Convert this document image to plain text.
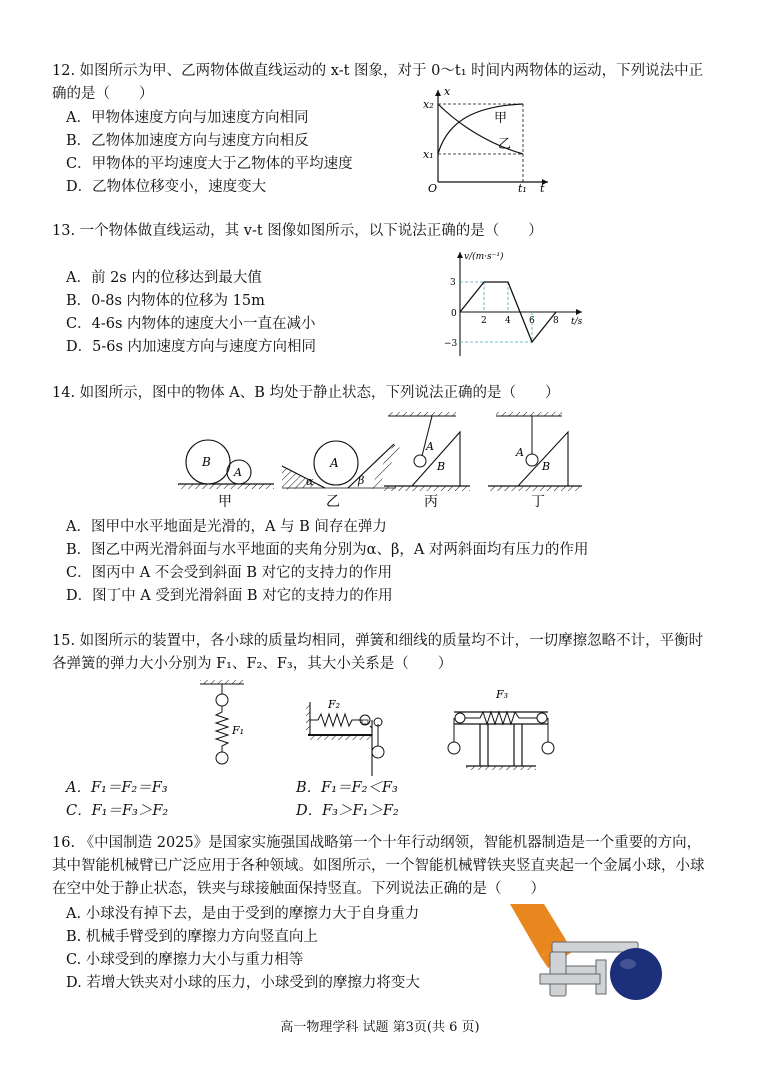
12. 如图所示为甲、乙两物体做直线运动的 x-t 图象，对于 0～t₁ 时间内两物体的运动，下列说法中正确的是（　　）

A．甲物体速度方向与加速度方向相同
B．乙物体加速度方向与速度方向相反
C．甲物体的平均速度大于乙物体的平均速度
D．乙物体位移变小，速度变大
x
x₂
x₁
O	t₁ t
甲
乙

13. 一个物体做直线运动，其 v-t 图像如图所示，以下说法正确的是（　　）

A．前 2s 内的位移达到最大值
B．0-8s 内物体的位移为 15m
C．4-6s 内物体的速度大小一直在减小
D．5-6s 内加速度方向与速度方向相同
v/(m·s⁻¹)
t/s
0
3
−3
2 4 6 8

14. 如图所示，图中的物体 A、B 均处于静止状态，下列说法正确的是（　　）

B
A
甲
A
α	β
乙
A
B
丙
A
B
丁
A．图甲中水平地面是光滑的，A 与 B 间存在弹力
B．图乙中两光滑斜面与水平地面的夹角分别为α、β，A 对两斜面均有压力的作用
C．图丙中 A 不会受到斜面 B 对它的支持力的作用
D．图丁中 A 受到光滑斜面 B 对它的支持力的作用

15. 如图所示的装置中，各小球的质量均相同，弹簧和细线的质量均不计，一切摩擦忽略不计，平衡时各弹簧的弹力大小分别为 F₁、F₂、F₃，其大小关系是（　　）

F₁
F₂
F₃
A．F₁＝F₂＝F₃	B．F₁＝F₂＜F₃
C．F₁＝F₃＞F₂	D．F₃＞F₁＞F₂

16. 《中国制造 2025》是国家实施强国战略第一个十年行动纲领，智能机器制造是一个重要的方向，其中智能机械臂已广泛应用于各种领域。如图所示，一个智能机械臂铁夹竖直夹起一个金属小球，小球在空中处于静止状态，铁夹与球接触面保持竖直。下列说法正确的是（　　）

A. 小球没有掉下去，是由于受到的摩擦力大于自身重力
B. 机械手臂受到的摩擦力方向竖直向上
C. 小球受到的摩擦力大小与重力相等
D. 若增大铁夹对小球的压力，小球受到的摩擦力将变大
高一物理学科 试题 第3页(共 6 页)
